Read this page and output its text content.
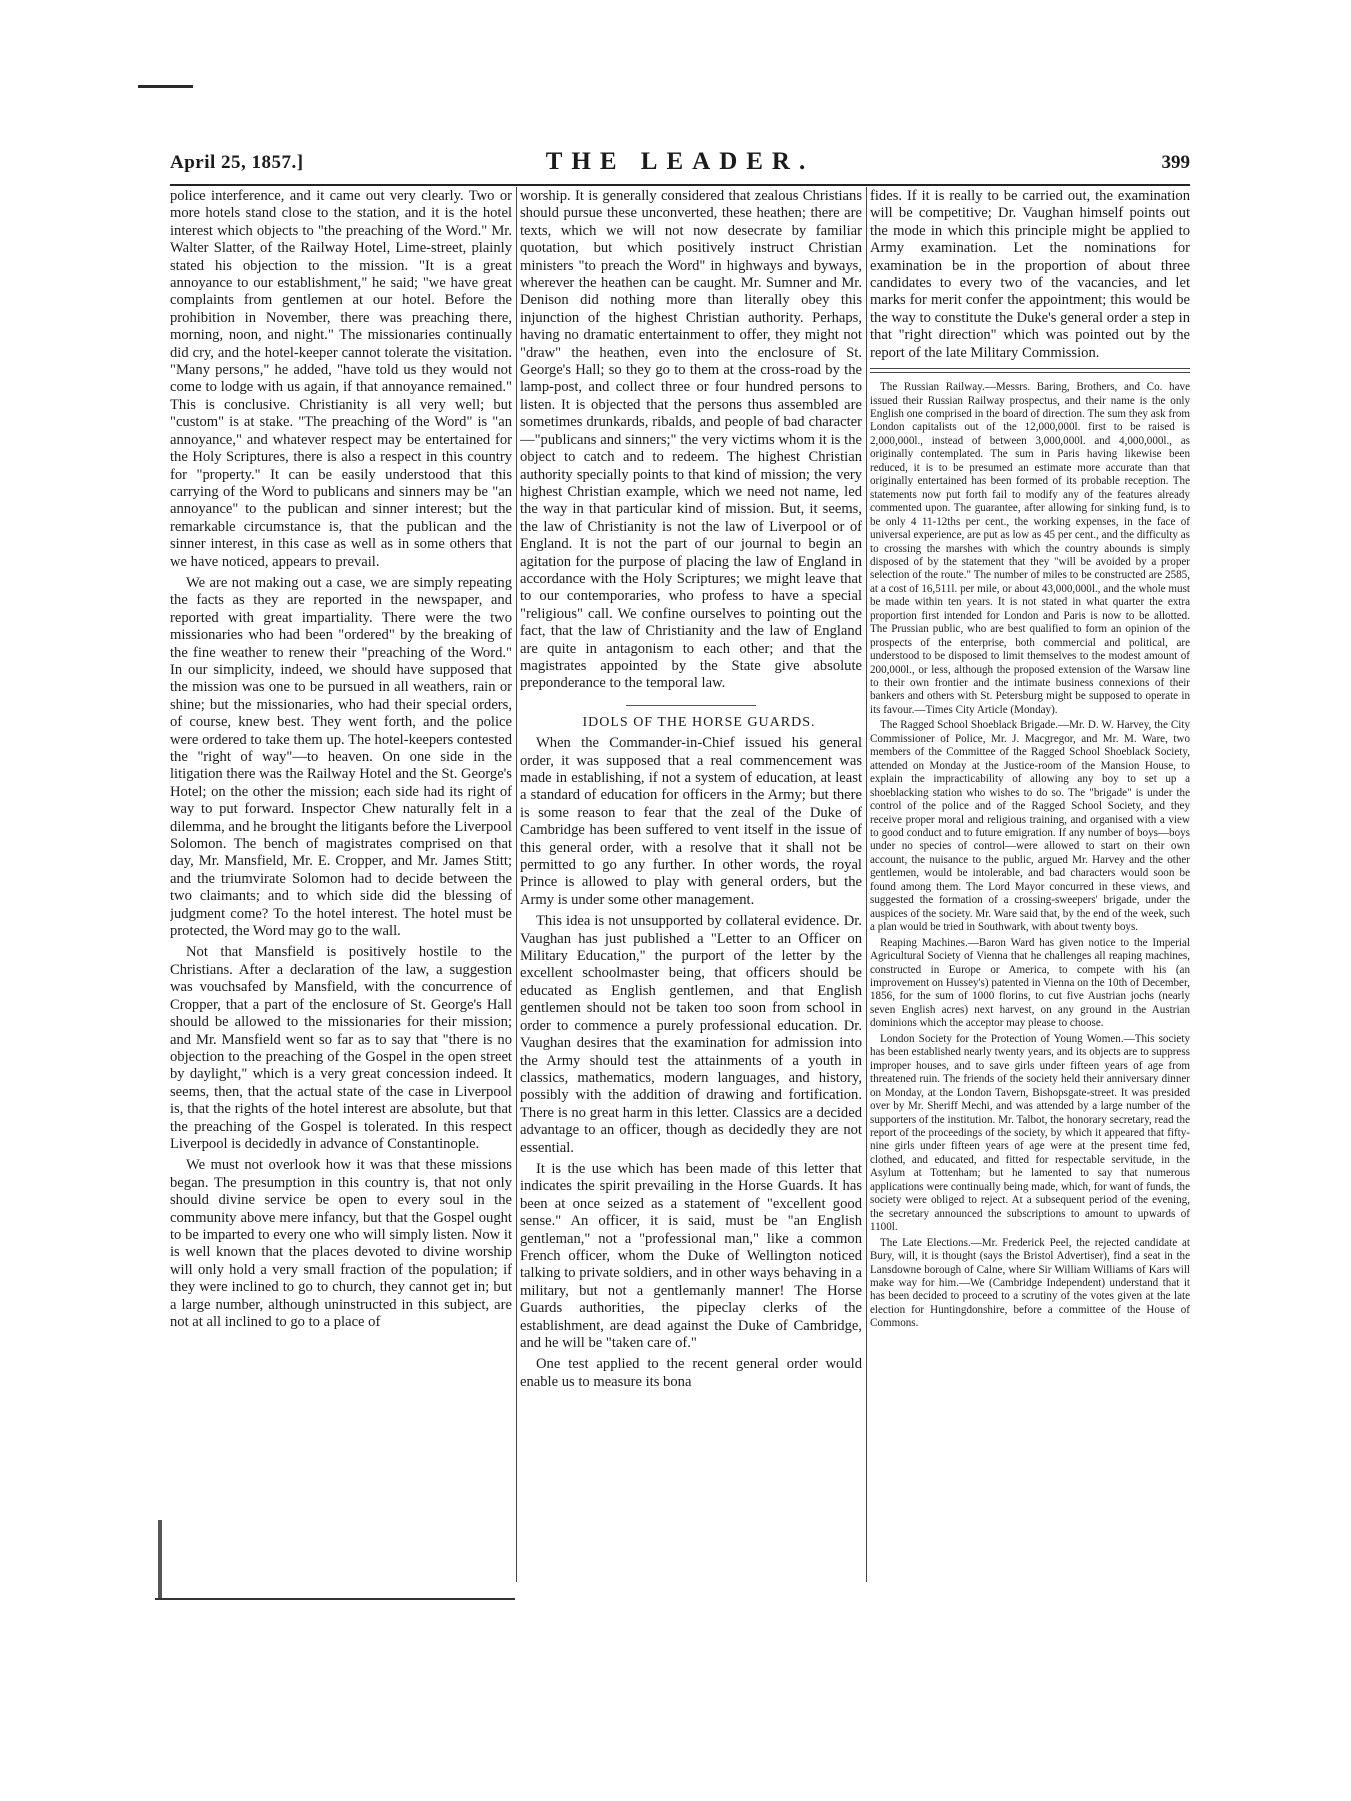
April 25, 1857.]	THE LEADER.	399

police interference, and it came out very clearly. Two or more hotels stand close to the station, and it is the hotel interest which objects to "the preaching of the Word." Mr. Walter Slatter, of the Railway Hotel, Lime-street, plainly stated his objection to the mission. "It is a great annoyance to our establishment," he said; "we have great complaints from gentlemen at our hotel. Before the prohibition in November, there was preaching there, morning, noon, and night." The missionaries continually did cry, and the hotel-keeper cannot tolerate the visitation. "Many persons," he added, "have told us they would not come to lodge with us again, if that annoyance remained." This is conclusive. Christianity is all very well; but "custom" is at stake. "The preaching of the Word" is "an annoyance," and whatever respect may be entertained for the Holy Scriptures, there is also a respect in this country for "property." It can be easily understood that this carrying of the Word to publicans and sinners may be "an annoyance" to the publican and sinner interest; but the remarkable circumstance is, that the publican and the sinner interest, in this case as well as in some others that we have noticed, appears to prevail.

We are not making out a case, we are simply repeating the facts as they are reported in the newspaper, and reported with great impartiality. There were the two missionaries who had been "ordered" by the breaking of the fine weather to renew their "preaching of the Word." In our simplicity, indeed, we should have supposed that the mission was one to be pursued in all weathers, rain or shine; but the missionaries, who had their special orders, of course, knew best. They went forth, and the police were ordered to take them up. The hotel-keepers contested the "right of way"—to heaven. On one side in the litigation there was the Railway Hotel and the St. George's Hotel; on the other the mission; each side had its right of way to put forward. Inspector Chew naturally felt in a dilemma, and he brought the litigants before the Liverpool Solomon. The bench of magistrates comprised on that day, Mr. Mansfield, Mr. E. Cropper, and Mr. James Stitt; and the triumvirate Solomon had to decide between the two claimants; and to which side did the blessing of judgment come? To the hotel interest. The hotel must be protected, the Word may go to the wall.

Not that Mansfield is positively hostile to the Christians. After a declaration of the law, a suggestion was vouchsafed by Mansfield, with the concurrence of Cropper, that a part of the enclosure of St. George's Hall should be allowed to the missionaries for their mission; and Mr. Mansfield went so far as to say that "there is no objection to the preaching of the Gospel in the open street by daylight," which is a very great concession indeed. It seems, then, that the actual state of the case in Liverpool is, that the rights of the hotel interest are absolute, but that the preaching of the Gospel is tolerated. In this respect Liverpool is decidedly in advance of Constantinople.

We must not overlook how it was that these missions began. The presumption in this country is, that not only should divine service be open to every soul in the community above mere infancy, but that the Gospel ought to be imparted to every one who will simply listen. Now it is well known that the places devoted to divine worship will only hold a very small fraction of the population; if they were inclined to go to church, they cannot get in; but a large number, although uninstructed in this subject, are not at all inclined to go to a place of

worship. It is generally considered that zealous Christians should pursue these unconverted, these heathen; there are texts, which we will not now desecrate by familiar quotation, but which positively instruct Christian ministers "to preach the Word" in highways and byways, wherever the heathen can be caught. Mr. Sumner and Mr. Denison did nothing more than literally obey this injunction of the highest Christian authority. Perhaps, having no dramatic entertainment to offer, they might not "draw" the heathen, even into the enclosure of St. George's Hall; so they go to them at the cross-road by the lamp-post, and collect three or four hundred persons to listen. It is objected that the persons thus assembled are sometimes drunkards, ribalds, and people of bad character—"publicans and sinners;" the very victims whom it is the object to catch and to redeem. The highest Christian authority specially points to that kind of mission; the very highest Christian example, which we need not name, led the way in that particular kind of mission. But, it seems, the law of Christianity is not the law of Liverpool or of England. It is not the part of our journal to begin an agitation for the purpose of placing the law of England in accordance with the Holy Scriptures; we might leave that to our contemporaries, who profess to have a special "religious" call. We confine ourselves to pointing out the fact, that the law of Christianity and the law of England are quite in antagonism to each other; and that the magistrates appointed by the State give absolute preponderance to the temporal law.

IDOLS OF THE HORSE GUARDS.

When the Commander-in-Chief issued his general order, it was supposed that a real commencement was made in establishing, if not a system of education, at least a standard of education for officers in the Army; but there is some reason to fear that the zeal of the Duke of Cambridge has been suffered to vent itself in the issue of this general order, with a resolve that it shall not be permitted to go any further. In other words, the royal Prince is allowed to play with general orders, but the Army is under some other management.

This idea is not unsupported by collateral evidence. Dr. Vaughan has just published a "Letter to an Officer on Military Education," the purport of the letter by the excellent schoolmaster being, that officers should be educated as English gentlemen, and that English gentlemen should not be taken too soon from school in order to commence a purely professional education. Dr. Vaughan desires that the examination for admission into the Army should test the attainments of a youth in classics, mathematics, modern languages, and history, possibly with the addition of drawing and fortification. There is no great harm in this letter. Classics are a decided advantage to an officer, though as decidedly they are not essential.

It is the use which has been made of this letter that indicates the spirit prevailing in the Horse Guards. It has been at once seized as a statement of "excellent good sense." An officer, it is said, must be "an English gentleman," not a "professional man," like a common French officer, whom the Duke of Wellington noticed talking to private soldiers, and in other ways behaving in a military, but not a gentlemanly manner! The Horse Guards authorities, the pipeclay clerks of the establishment, are dead against the Duke of Cambridge, and he will be "taken care of."

One test applied to the recent general order would enable us to measure its bona

fides. If it is really to be carried out, the examination will be competitive; Dr. Vaughan himself points out the mode in which this principle might be applied to Army examination. Let the nominations for examination be in the proportion of about three candidates to every two of the vacancies, and let marks for merit confer the appointment; this would be the way to constitute the Duke's general order a step in that "right direction" which was pointed out by the report of the late Military Commission.

The Russian Railway.—Messrs. Baring, Brothers, and Co. have issued their Russian Railway prospectus, and their name is the only English one comprised in the board of direction. The sum they ask from London capitalists out of the 12,000,000l. first to be raised is 2,000,000l., instead of between 3,000,000l. and 4,000,000l., as originally contemplated. The sum in Paris having likewise been reduced, it is to be presumed an estimate more accurate than that originally entertained has been formed of its probable reception. The statements now put forth fail to modify any of the features already commented upon. The guarantee, after allowing for sinking fund, is to be only 4 11-12ths per cent., the working expenses, in the face of universal experience, are put as low as 45 per cent., and the difficulty as to crossing the marshes with which the country abounds is simply disposed of by the statement that they "will be avoided by a proper selection of the route." The number of miles to be constructed are 2585, at a cost of 16,511l. per mile, or about 43,000,000l., and the whole must be made within ten years. It is not stated in what quarter the extra proportion first intended for London and Paris is now to be allotted. The Prussian public, who are best qualified to form an opinion of the prospects of the enterprise, both commercial and political, are understood to be disposed to limit themselves to the modest amount of 200,000l., or less, although the proposed extension of the Warsaw line to their own frontier and the intimate business connexions of their bankers and others with St. Petersburg might be supposed to operate in its favour.—Times City Article (Monday).

The Ragged School Shoeblack Brigade.—Mr. D. W. Harvey, the City Commissioner of Police, Mr. J. Macgregor, and Mr. M. Ware, two members of the Committee of the Ragged School Shoeblack Society, attended on Monday at the Justice-room of the Mansion House, to explain the impracticability of allowing any boy to set up a shoeblacking station who wishes to do so. The "brigade" is under the control of the police and of the Ragged School Society, and they receive proper moral and religious training, and organised with a view to good conduct and to future emigration. If any number of boys—boys under no species of control—were allowed to start on their own account, the nuisance to the public, argued Mr. Harvey and the other gentlemen, would be intolerable, and bad characters would soon be found among them. The Lord Mayor concurred in these views, and suggested the formation of a crossing-sweepers' brigade, under the auspices of the society. Mr. Ware said that, by the end of the week, such a plan would be tried in Southwark, with about twenty boys.

Reaping Machines.—Baron Ward has given notice to the Imperial Agricultural Society of Vienna that he challenges all reaping machines, constructed in Europe or America, to compete with his (an improvement on Hussey's) patented in Vienna on the 10th of December, 1856, for the sum of 1000 florins, to cut five Austrian jochs (nearly seven English acres) next harvest, on any ground in the Austrian dominions which the acceptor may please to choose.

London Society for the Protection of Young Women.—This society has been established nearly twenty years, and its objects are to suppress improper houses, and to save girls under fifteen years of age from threatened ruin. The friends of the society held their anniversary dinner on Monday, at the London Tavern, Bishopsgate-street. It was presided over by Mr. Sheriff Mechi, and was attended by a large number of the supporters of the institution. Mr. Talbot, the honorary secretary, read the report of the proceedings of the society, by which it appeared that fifty-nine girls under fifteen years of age were at the present time fed, clothed, and educated, and fitted for respectable servitude, in the Asylum at Tottenham; but he lamented to say that numerous applications were continually being made, which, for want of funds, the society were obliged to reject. At a subsequent period of the evening, the secretary announced the subscriptions to amount to upwards of 1100l.

The Late Elections.—Mr. Frederick Peel, the rejected candidate at Bury, will, it is thought (says the Bristol Advertiser), find a seat in the Lansdowne borough of Calne, where Sir William Williams of Kars will make way for him.—We (Cambridge Independent) understand that it has been decided to proceed to a scrutiny of the votes given at the late election for Huntingdonshire, before a committee of the House of Commons.
